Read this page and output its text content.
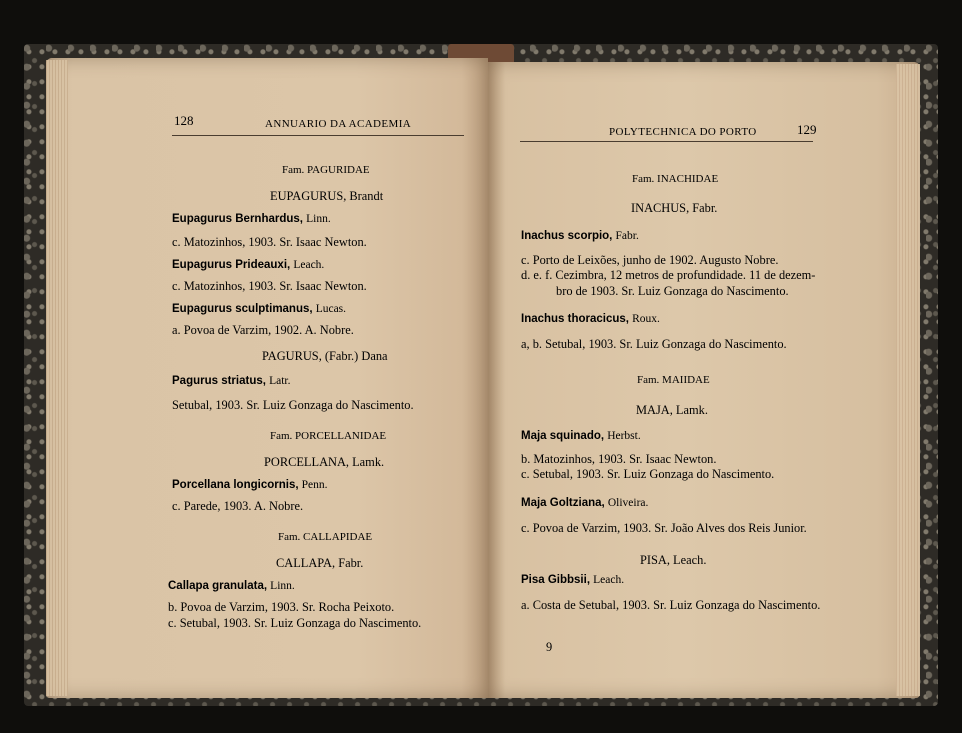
128	ANNUARIO DA ACADEMIA
Fam. PAGURIDAE
EUPAGURUS, Brandt
Eupagurus Bernhardus, Linn.
c. Matozinhos, 1903. Sr. Isaac Newton.
Eupagurus Prideauxi, Leach.
c. Matozinhos, 1903. Sr. Isaac Newton.
Eupagurus sculptimanus, Lucas.
a. Povoa de Varzim, 1902. A. Nobre.
PAGURUS, (Fabr.) Dana
Pagurus striatus, Latr.
Setubal, 1903. Sr. Luiz Gonzaga do Nascimento.
Fam. PORCELLANIDAE
PORCELLANA, Lamk.
Porcellana longicornis, Penn.
c. Parede, 1903. A. Nobre.
Fam. CALLAPIDAE
CALLAPA, Fabr.
Callapa granulata, Linn.
b. Povoa de Varzim, 1903. Sr. Rocha Peixoto.
c. Setubal, 1903. Sr. Luiz Gonzaga do Nascimento.
POLYTECHNICA DO PORTO	129
Fam. INACHIDAE
INACHUS, Fabr.
Inachus scorpio, Fabr.
c. Porto de Leixões, junho de 1902. Augusto Nobre.
d. e. f. Cezimbra, 12 metros de profundidade. 11 de dezem-
bro de 1903. Sr. Luiz Gonzaga do Nascimento.
Inachus thoracicus, Roux.
a, b. Setubal, 1903. Sr. Luiz Gonzaga do Nascimento.
Fam. MAIIDAE
MAJA, Lamk.
Maja squinado, Herbst.
b. Matozinhos, 1903. Sr. Isaac Newton.
c. Setubal, 1903. Sr. Luiz Gonzaga do Nascimento.
Maja Goltziana, Oliveira.
c. Povoa de Varzim, 1903. Sr. João Alves dos Reis Junior.
PISA, Leach.
Pisa Gibbsii, Leach.
a. Costa de Setubal, 1903. Sr. Luiz Gonzaga do Nascimento.
9
